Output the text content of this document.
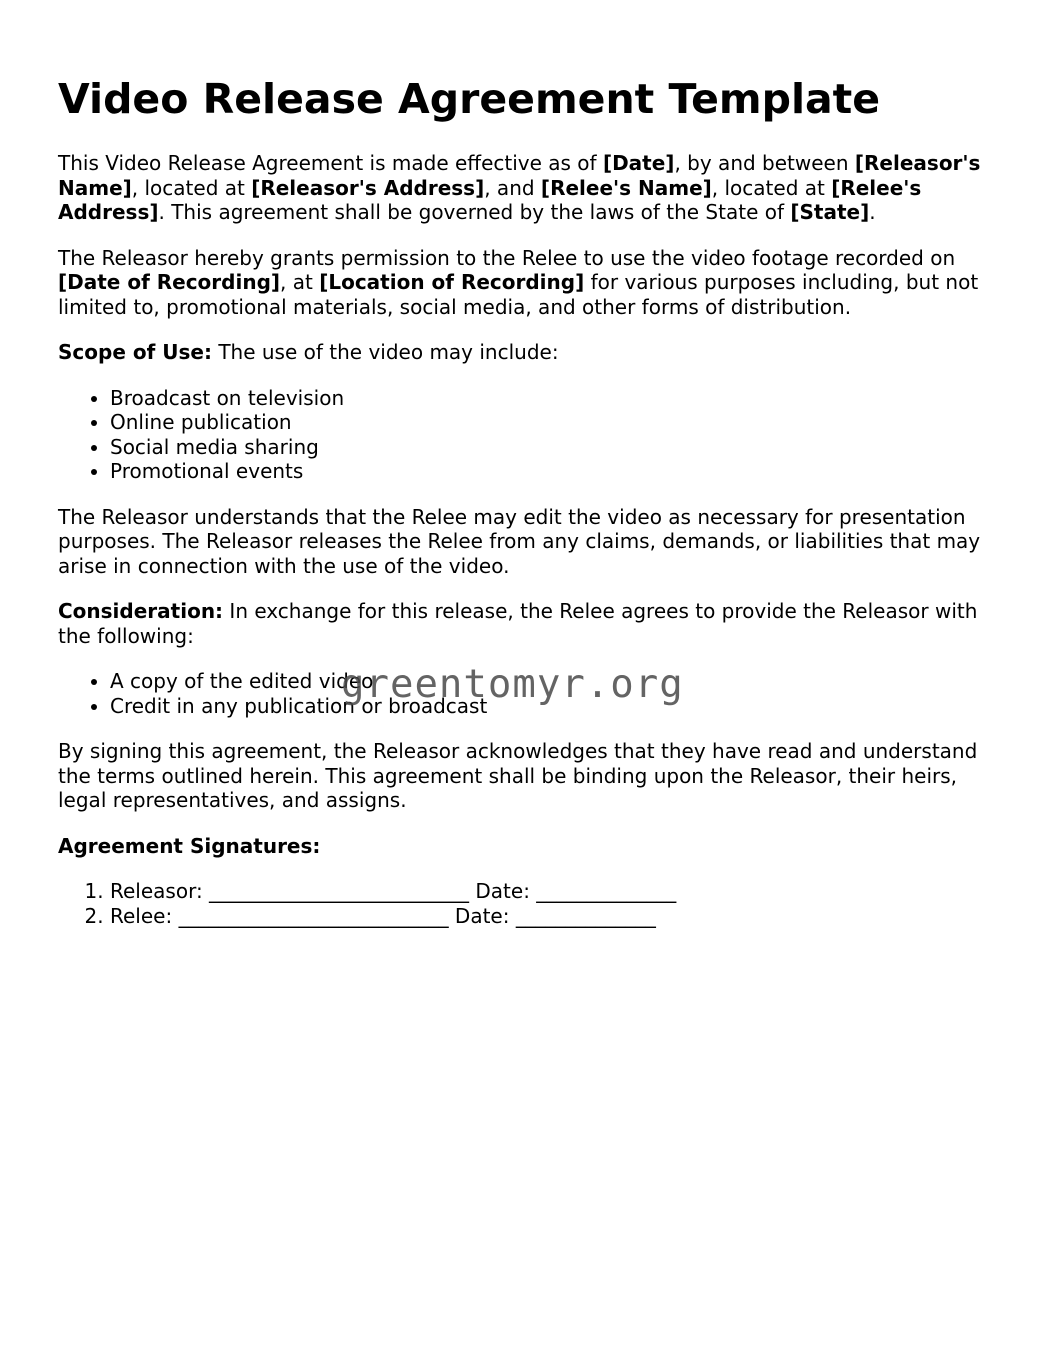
Video Release Agreement Template

This Video Release Agreement is made effective as of [Date], by and between [Releasor's Name], located at [Releasor's Address], and [Relee's Name], located at [Relee's Address]. This agreement shall be governed by the laws of the State of [State].

The Releasor hereby grants permission to the Relee to use the video footage recorded on [Date of Recording], at [Location of Recording] for various purposes including, but not limited to, promotional materials, social media, and other forms of distribution.

Scope of Use: The use of the video may include:

• Broadcast on television
• Online publication
• Social media sharing
• Promotional events

The Releasor understands that the Relee may edit the video as necessary for presentation purposes. The Releasor releases the Relee from any claims, demands, or liabilities that may arise in connection with the use of the video.

Consideration: In exchange for this release, the Relee agrees to provide the Releasor with the following:

• A copy of the edited video
• Credit in any publication or broadcast

By signing this agreement, the Releasor acknowledges that they have read and understand the terms outlined herein. This agreement shall be binding upon the Releasor, their heirs, legal representatives, and assigns.

Agreement Signatures:

1. Releasor: __________________________ Date: ______________
2. Relee: ___________________________ Date: ______________
greentomyr.org
